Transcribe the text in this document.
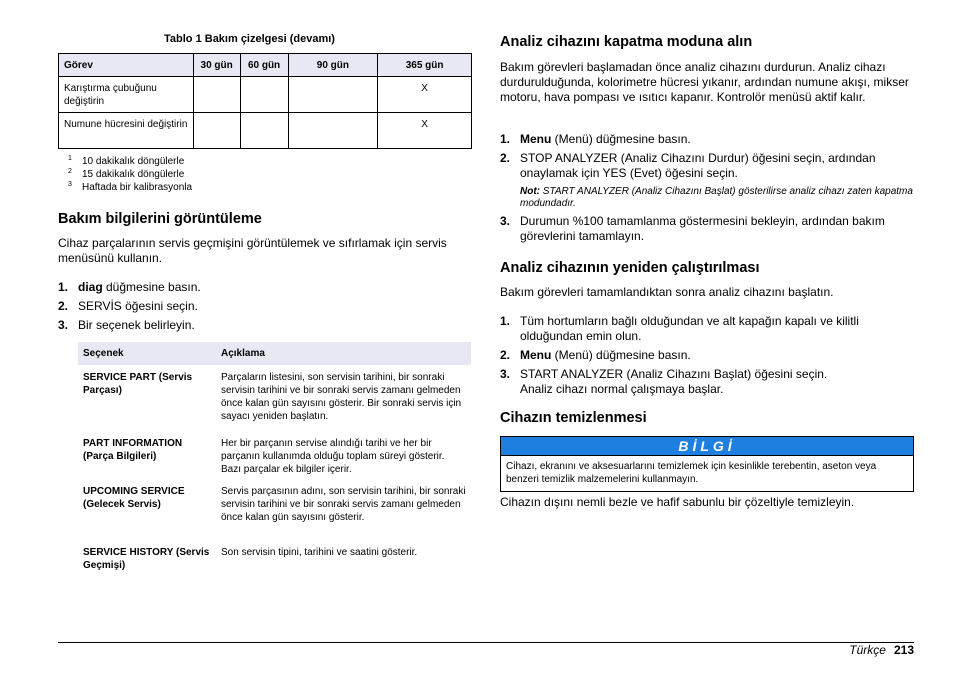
Tablo 1 Bakım çizelgesi (devamı)
Görev	30 gün	60 gün	90 gün	365 gün
Karıştırma çubuğunu değiştirin				X
Numune hücresini değiştirin				X
$^1$ 10 dakikalık döngülerle
$^2$ 15 dakikalık döngülerle
$^3$ Haftada bir kalibrasyonla
Bakım bilgilerini görüntüleme
Cihaz parçalarının servis geçmişini görüntülemek ve sıfırlamak için servis menüsünü kullanın.
1. diag düğmesine basın.
2. SERVİS öğesini seçin.
3. Bir seçenek belirleyin.
Seçenek	Açıklama
SERVICE PART (Servis Parçası)	Parçaların listesini, son servisin tarihini, bir sonraki servisin tarihini ve bir sonraki servis zamanı gelmeden önce kalan gün sayısını gösterir. Bir sonraki servis için sayacı yeniden başlatın.
PART INFORMATION (Parça Bilgileri)	Her bir parçanın servise alındığı tarihi ve her bir parçanın kullanımda olduğu toplam süreyi gösterir. Bazı parçalar ek bilgiler içerir.
UPCOMING SERVICE (Gelecek Servis)	Servis parçasının adını, son servisin tarihini, bir sonraki servisin tarihini ve bir sonraki servis zamanı gelmeden önce kalan gün sayısını gösterir.
SERVICE HISTORY (Servis Geçmişi)	Son servisin tipini, tarihini ve saatini gösterir.
Analiz cihazını kapatma moduna alın
Bakım görevleri başlamadan önce analiz cihazını durdurun. Analiz cihazı durdurulduğunda, kolorimetre hücresi yıkanır, ardından numune akışı, mikser motoru, hava pompası ve ısıtıcı kapanır. Kontrolör menüsü aktif kalır.
1. Menu (Menü) düğmesine basın.
2. STOP ANALYZER (Analiz Cihazını Durdur) öğesini seçin, ardından onaylamak için YES (Evet) öğesini seçin.
Not: START ANALYZER (Analiz Cihazını Başlat) gösterilirse analiz cihazı zaten kapatma modundadır.
3. Durumun %100 tamamlanma göstermesini bekleyin, ardından bakım görevlerini tamamlayın.
Analiz cihazının yeniden çalıştırılması
Bakım görevleri tamamlandıktan sonra analiz cihazını başlatın.
1. Tüm hortumların bağlı olduğundan ve alt kapağın kapalı ve kilitli olduğundan emin olun.
2. Menu (Menü) düğmesine basın.
3. START ANALYZER (Analiz Cihazını Başlat) öğesini seçin.
Analiz cihazı normal çalışmaya başlar.
Cihazın temizlenmesi
BİLGİ
Cihazı, ekranını ve aksesuarlarını temizlemek için kesinlikle terebentin, aseton veya benzeri temizlik malzemelerini kullanmayın.
Cihazın dışını nemli bezle ve hafif sabunlu bir çözeltiyle temizleyin.
Türkçe 213
